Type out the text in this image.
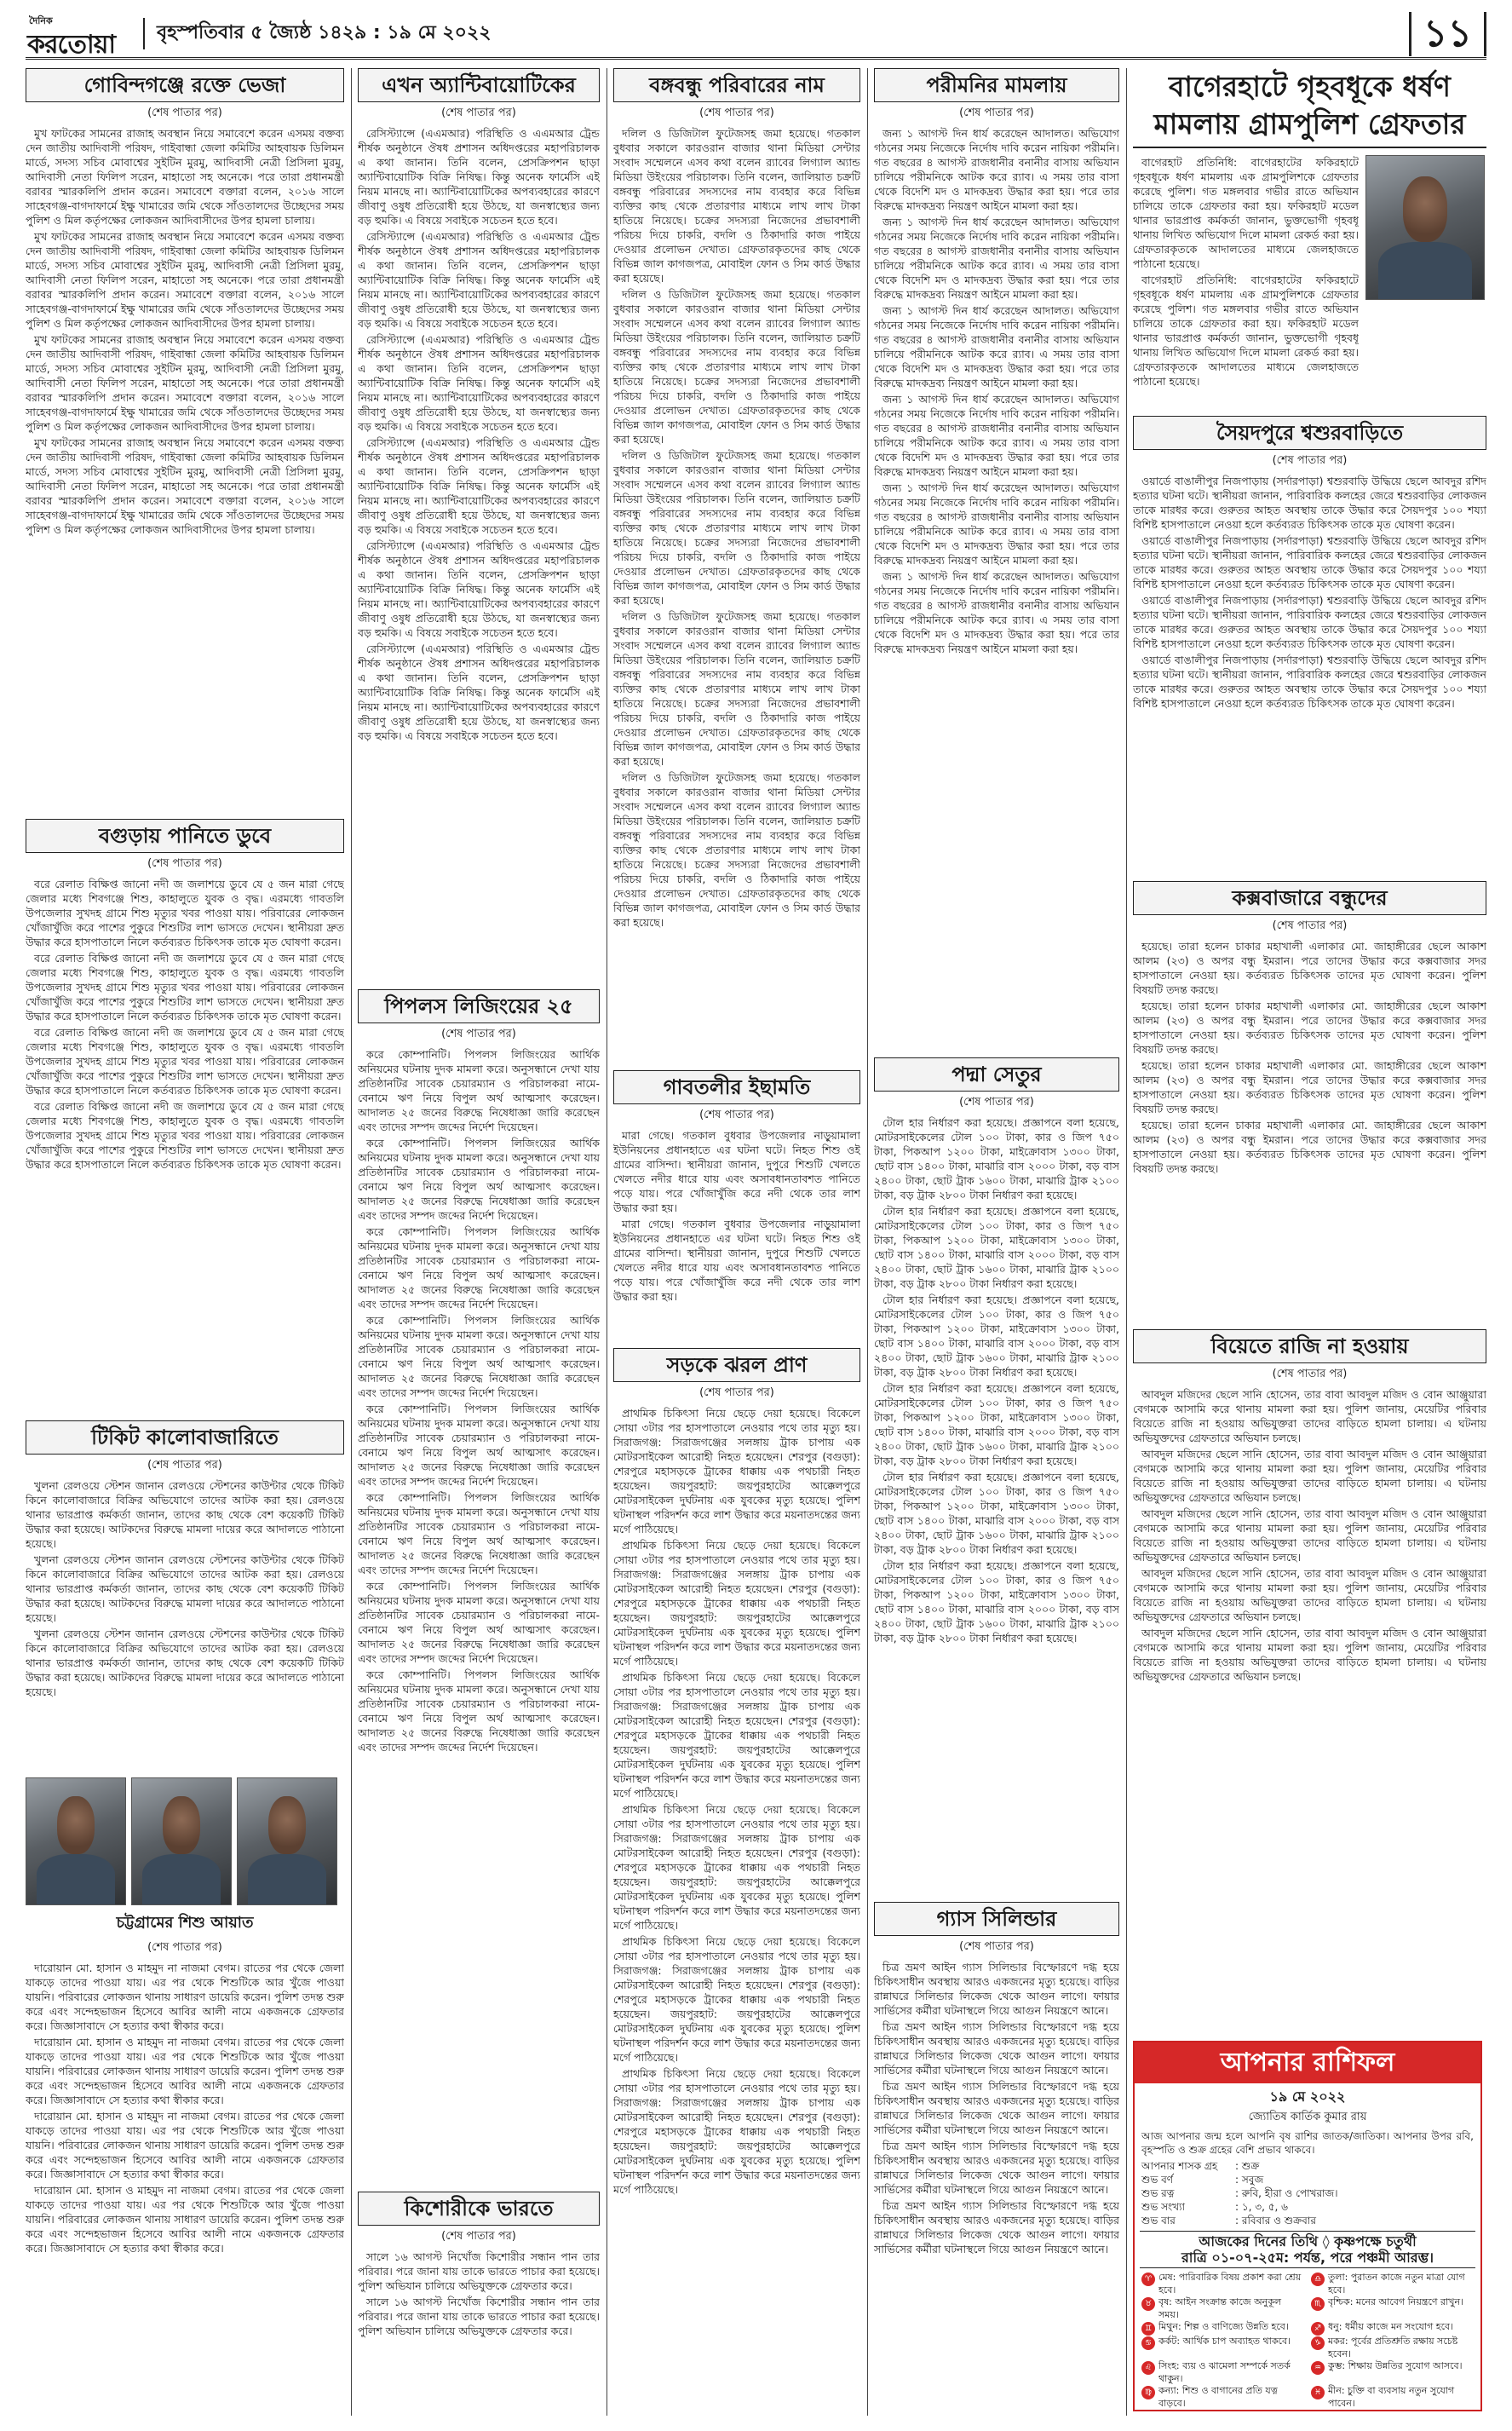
দৈনিক
করতোয়া	বৃহস্পতিবার ৫ জ্যৈষ্ঠ ১৪২৯ : ১৯ মে ২০২২	১১
গোবিন্দগঞ্জে রক্তে ভেজা
(শেষ পাতার পর)

মুখ ফাটকের সামনের রাজাহ অবস্থান নিয়ে সমাবেশে করেন এসময় বক্তব্য দেন জাতীয় আদিবাসী পরিষদ, গাইবান্ধা জেলা কমিটির আহবায়ক ডিলিমন মার্ডে, সদস্য সচিব মোবাশ্বের সুইটিন মুরমু, আদিবাসী নেত্রী প্রিসিলা মুরমু, আদিবাসী নেতা ফিলিপ সরেন, মাহাতো সহ অনেকে। পরে তারা প্রধানমন্ত্রী বরাবর স্মারকলিপি প্রদান করেন। সমাবেশে বক্তারা বলেন, ২০১৬ সালে সাহেবগঞ্জ-বাগদাফার্মে ইক্ষু খামারের জমি থেকে সাঁওতালদের উচ্ছেদের সময় পুলিশ ও মিল কর্তৃপক্ষের লোকজন আদিবাসীদের উপর হামলা চালায়।

মুখ ফাটকের সামনের রাজাহ অবস্থান নিয়ে সমাবেশে করেন এসময় বক্তব্য দেন জাতীয় আদিবাসী পরিষদ, গাইবান্ধা জেলা কমিটির আহবায়ক ডিলিমন মার্ডে, সদস্য সচিব মোবাশ্বের সুইটিন মুরমু, আদিবাসী নেত্রী প্রিসিলা মুরমু, আদিবাসী নেতা ফিলিপ সরেন, মাহাতো সহ অনেকে। পরে তারা প্রধানমন্ত্রী বরাবর স্মারকলিপি প্রদান করেন। সমাবেশে বক্তারা বলেন, ২০১৬ সালে সাহেবগঞ্জ-বাগদাফার্মে ইক্ষু খামারের জমি থেকে সাঁওতালদের উচ্ছেদের সময় পুলিশ ও মিল কর্তৃপক্ষের লোকজন আদিবাসীদের উপর হামলা চালায়।

মুখ ফাটকের সামনের রাজাহ অবস্থান নিয়ে সমাবেশে করেন এসময় বক্তব্য দেন জাতীয় আদিবাসী পরিষদ, গাইবান্ধা জেলা কমিটির আহবায়ক ডিলিমন মার্ডে, সদস্য সচিব মোবাশ্বের সুইটিন মুরমু, আদিবাসী নেত্রী প্রিসিলা মুরমু, আদিবাসী নেতা ফিলিপ সরেন, মাহাতো সহ অনেকে। পরে তারা প্রধানমন্ত্রী বরাবর স্মারকলিপি প্রদান করেন। সমাবেশে বক্তারা বলেন, ২০১৬ সালে সাহেবগঞ্জ-বাগদাফার্মে ইক্ষু খামারের জমি থেকে সাঁওতালদের উচ্ছেদের সময় পুলিশ ও মিল কর্তৃপক্ষের লোকজন আদিবাসীদের উপর হামলা চালায়।

মুখ ফাটকের সামনের রাজাহ অবস্থান নিয়ে সমাবেশে করেন এসময় বক্তব্য দেন জাতীয় আদিবাসী পরিষদ, গাইবান্ধা জেলা কমিটির আহবায়ক ডিলিমন মার্ডে, সদস্য সচিব মোবাশ্বের সুইটিন মুরমু, আদিবাসী নেত্রী প্রিসিলা মুরমু, আদিবাসী নেতা ফিলিপ সরেন, মাহাতো সহ অনেকে। পরে তারা প্রধানমন্ত্রী বরাবর স্মারকলিপি প্রদান করেন। সমাবেশে বক্তারা বলেন, ২০১৬ সালে সাহেবগঞ্জ-বাগদাফার্মে ইক্ষু খামারের জমি থেকে সাঁওতালদের উচ্ছেদের সময় পুলিশ ও মিল কর্তৃপক্ষের লোকজন আদিবাসীদের উপর হামলা চালায়।

বগুড়ায় পানিতে ডুবে
(শেষ পাতার পর)

বরে রেলাত বিক্ষিপ্ত জানো নদী জ জলাশয়ে ডুবে যে ৫ জন মারা গেছে জেলার মধ্যে শিবগঞ্জে শিশু, কাহালুতে যুবক ও বৃদ্ধ। এরমধ্যে গাবতলি উপজেলার সুখদহ গ্রামে শিশু মৃত্যুর খবর পাওয়া যায়। পরিবারের লোকজন খোঁজাখুঁজি করে পাশের পুকুরে শিশুটির লাশ ভাসতে দেখেন। স্থানীয়রা দ্রুত উদ্ধার করে হাসপাতালে নিলে কর্তব্যরত চিকিৎসক তাকে মৃত ঘোষণা করেন।

বরে রেলাত বিক্ষিপ্ত জানো নদী জ জলাশয়ে ডুবে যে ৫ জন মারা গেছে জেলার মধ্যে শিবগঞ্জে শিশু, কাহালুতে যুবক ও বৃদ্ধ। এরমধ্যে গাবতলি উপজেলার সুখদহ গ্রামে শিশু মৃত্যুর খবর পাওয়া যায়। পরিবারের লোকজন খোঁজাখুঁজি করে পাশের পুকুরে শিশুটির লাশ ভাসতে দেখেন। স্থানীয়রা দ্রুত উদ্ধার করে হাসপাতালে নিলে কর্তব্যরত চিকিৎসক তাকে মৃত ঘোষণা করেন।

বরে রেলাত বিক্ষিপ্ত জানো নদী জ জলাশয়ে ডুবে যে ৫ জন মারা গেছে জেলার মধ্যে শিবগঞ্জে শিশু, কাহালুতে যুবক ও বৃদ্ধ। এরমধ্যে গাবতলি উপজেলার সুখদহ গ্রামে শিশু মৃত্যুর খবর পাওয়া যায়। পরিবারের লোকজন খোঁজাখুঁজি করে পাশের পুকুরে শিশুটির লাশ ভাসতে দেখেন। স্থানীয়রা দ্রুত উদ্ধার করে হাসপাতালে নিলে কর্তব্যরত চিকিৎসক তাকে মৃত ঘোষণা করেন।

বরে রেলাত বিক্ষিপ্ত জানো নদী জ জলাশয়ে ডুবে যে ৫ জন মারা গেছে জেলার মধ্যে শিবগঞ্জে শিশু, কাহালুতে যুবক ও বৃদ্ধ। এরমধ্যে গাবতলি উপজেলার সুখদহ গ্রামে শিশু মৃত্যুর খবর পাওয়া যায়। পরিবারের লোকজন খোঁজাখুঁজি করে পাশের পুকুরে শিশুটির লাশ ভাসতে দেখেন। স্থানীয়রা দ্রুত উদ্ধার করে হাসপাতালে নিলে কর্তব্যরত চিকিৎসক তাকে মৃত ঘোষণা করেন।

টিকিট কালোবাজারিতে
(শেষ পাতার পর)

খুলনা রেলওয়ে স্টেশন জানান রেলওয়ে স্টেশনের কাউন্টার থেকে টিকিট কিনে কালোবাজারে বিক্রির অভিযোগে তাদের আটক করা হয়। রেলওয়ে থানার ভারপ্রাপ্ত কর্মকর্তা জানান, তাদের কাছ থেকে বেশ কয়েকটি টিকিট উদ্ধার করা হয়েছে। আটকদের বিরুদ্ধে মামলা দায়ের করে আদালতে পাঠানো হয়েছে।

খুলনা রেলওয়ে স্টেশন জানান রেলওয়ে স্টেশনের কাউন্টার থেকে টিকিট কিনে কালোবাজারে বিক্রির অভিযোগে তাদের আটক করা হয়। রেলওয়ে থানার ভারপ্রাপ্ত কর্মকর্তা জানান, তাদের কাছ থেকে বেশ কয়েকটি টিকিট উদ্ধার করা হয়েছে। আটকদের বিরুদ্ধে মামলা দায়ের করে আদালতে পাঠানো হয়েছে।

খুলনা রেলওয়ে স্টেশন জানান রেলওয়ে স্টেশনের কাউন্টার থেকে টিকিট কিনে কালোবাজারে বিক্রির অভিযোগে তাদের আটক করা হয়। রেলওয়ে থানার ভারপ্রাপ্ত কর্মকর্তা জানান, তাদের কাছ থেকে বেশ কয়েকটি টিকিট উদ্ধার করা হয়েছে। আটকদের বিরুদ্ধে মামলা দায়ের করে আদালতে পাঠানো হয়েছে।

চট্টগ্রামের শিশু আয়াত
(শেষ পাতার পর)

দারোয়ান মো. হাসান ও মাহমুদ না নাজমা বেগম। রাতের পর থেকে জেলা যাকড়ে তাদের পাওয়া যায়। এর পর থেকে শিশুটিকে আর খুঁজে পাওয়া যায়নি। পরিবারের লোকজন থানায় সাধারণ ডায়েরি করেন। পুলিশ তদন্ত শুরু করে এবং সন্দেহভাজন হিসেবে আবির আলী নামে একজনকে গ্রেফতার করে। জিজ্ঞাসাবাদে সে হত্যার কথা স্বীকার করে।

দারোয়ান মো. হাসান ও মাহমুদ না নাজমা বেগম। রাতের পর থেকে জেলা যাকড়ে তাদের পাওয়া যায়। এর পর থেকে শিশুটিকে আর খুঁজে পাওয়া যায়নি। পরিবারের লোকজন থানায় সাধারণ ডায়েরি করেন। পুলিশ তদন্ত শুরু করে এবং সন্দেহভাজন হিসেবে আবির আলী নামে একজনকে গ্রেফতার করে। জিজ্ঞাসাবাদে সে হত্যার কথা স্বীকার করে।

দারোয়ান মো. হাসান ও মাহমুদ না নাজমা বেগম। রাতের পর থেকে জেলা যাকড়ে তাদের পাওয়া যায়। এর পর থেকে শিশুটিকে আর খুঁজে পাওয়া যায়নি। পরিবারের লোকজন থানায় সাধারণ ডায়েরি করেন। পুলিশ তদন্ত শুরু করে এবং সন্দেহভাজন হিসেবে আবির আলী নামে একজনকে গ্রেফতার করে। জিজ্ঞাসাবাদে সে হত্যার কথা স্বীকার করে।

দারোয়ান মো. হাসান ও মাহমুদ না নাজমা বেগম। রাতের পর থেকে জেলা যাকড়ে তাদের পাওয়া যায়। এর পর থেকে শিশুটিকে আর খুঁজে পাওয়া যায়নি। পরিবারের লোকজন থানায় সাধারণ ডায়েরি করেন। পুলিশ তদন্ত শুরু করে এবং সন্দেহভাজন হিসেবে আবির আলী নামে একজনকে গ্রেফতার করে। জিজ্ঞাসাবাদে সে হত্যার কথা স্বীকার করে।

এখন অ্যান্টিবায়োটিকের
(শেষ পাতার পর)

রেসিস্ট্যান্সে (এএমআর) পরিস্থিতি ও এএমআর ট্রেন্ড শীর্ষক অনুষ্ঠানে ঔষধ প্রশাসন অধিদপ্তরের মহাপরিচালক এ কথা জানান। তিনি বলেন, প্রেসক্রিপশন ছাড়া অ্যান্টিবায়োটিক বিক্রি নিষিদ্ধ। কিন্তু অনেক ফার্মেসি এই নিয়ম মানছে না। অ্যান্টিবায়োটিকের অপব্যবহারের কারণে জীবাণু ওষুধ প্রতিরোধী হয়ে উঠছে, যা জনস্বাস্থ্যের জন্য বড় হুমকি। এ বিষয়ে সবাইকে সচেতন হতে হবে।

রেসিস্ট্যান্সে (এএমআর) পরিস্থিতি ও এএমআর ট্রেন্ড শীর্ষক অনুষ্ঠানে ঔষধ প্রশাসন অধিদপ্তরের মহাপরিচালক এ কথা জানান। তিনি বলেন, প্রেসক্রিপশন ছাড়া অ্যান্টিবায়োটিক বিক্রি নিষিদ্ধ। কিন্তু অনেক ফার্মেসি এই নিয়ম মানছে না। অ্যান্টিবায়োটিকের অপব্যবহারের কারণে জীবাণু ওষুধ প্রতিরোধী হয়ে উঠছে, যা জনস্বাস্থ্যের জন্য বড় হুমকি। এ বিষয়ে সবাইকে সচেতন হতে হবে।

রেসিস্ট্যান্সে (এএমআর) পরিস্থিতি ও এএমআর ট্রেন্ড শীর্ষক অনুষ্ঠানে ঔষধ প্রশাসন অধিদপ্তরের মহাপরিচালক এ কথা জানান। তিনি বলেন, প্রেসক্রিপশন ছাড়া অ্যান্টিবায়োটিক বিক্রি নিষিদ্ধ। কিন্তু অনেক ফার্মেসি এই নিয়ম মানছে না। অ্যান্টিবায়োটিকের অপব্যবহারের কারণে জীবাণু ওষুধ প্রতিরোধী হয়ে উঠছে, যা জনস্বাস্থ্যের জন্য বড় হুমকি। এ বিষয়ে সবাইকে সচেতন হতে হবে।

রেসিস্ট্যান্সে (এএমআর) পরিস্থিতি ও এএমআর ট্রেন্ড শীর্ষক অনুষ্ঠানে ঔষধ প্রশাসন অধিদপ্তরের মহাপরিচালক এ কথা জানান। তিনি বলেন, প্রেসক্রিপশন ছাড়া অ্যান্টিবায়োটিক বিক্রি নিষিদ্ধ। কিন্তু অনেক ফার্মেসি এই নিয়ম মানছে না। অ্যান্টিবায়োটিকের অপব্যবহারের কারণে জীবাণু ওষুধ প্রতিরোধী হয়ে উঠছে, যা জনস্বাস্থ্যের জন্য বড় হুমকি। এ বিষয়ে সবাইকে সচেতন হতে হবে।

রেসিস্ট্যান্সে (এএমআর) পরিস্থিতি ও এএমআর ট্রেন্ড শীর্ষক অনুষ্ঠানে ঔষধ প্রশাসন অধিদপ্তরের মহাপরিচালক এ কথা জানান। তিনি বলেন, প্রেসক্রিপশন ছাড়া অ্যান্টিবায়োটিক বিক্রি নিষিদ্ধ। কিন্তু অনেক ফার্মেসি এই নিয়ম মানছে না। অ্যান্টিবায়োটিকের অপব্যবহারের কারণে জীবাণু ওষুধ প্রতিরোধী হয়ে উঠছে, যা জনস্বাস্থ্যের জন্য বড় হুমকি। এ বিষয়ে সবাইকে সচেতন হতে হবে।

রেসিস্ট্যান্সে (এএমআর) পরিস্থিতি ও এএমআর ট্রেন্ড শীর্ষক অনুষ্ঠানে ঔষধ প্রশাসন অধিদপ্তরের মহাপরিচালক এ কথা জানান। তিনি বলেন, প্রেসক্রিপশন ছাড়া অ্যান্টিবায়োটিক বিক্রি নিষিদ্ধ। কিন্তু অনেক ফার্মেসি এই নিয়ম মানছে না। অ্যান্টিবায়োটিকের অপব্যবহারের কারণে জীবাণু ওষুধ প্রতিরোধী হয়ে উঠছে, যা জনস্বাস্থ্যের জন্য বড় হুমকি। এ বিষয়ে সবাইকে সচেতন হতে হবে।

পিপলস লিজিংয়ের ২৫
(শেষ পাতার পর)

করে কোম্পানিটি। পিপলস লিজিংয়ের আর্থিক অনিয়মের ঘটনায় দুদক মামলা করে। অনুসন্ধানে দেখা যায় প্রতিষ্ঠানটির সাবেক চেয়ারম্যান ও পরিচালকরা নামে-বেনামে ঋণ নিয়ে বিপুল অর্থ আত্মসাৎ করেছেন। আদালত ২৫ জনের বিরুদ্ধে নিষেধাজ্ঞা জারি করেছেন এবং তাদের সম্পদ জব্দের নির্দেশ দিয়েছেন।

করে কোম্পানিটি। পিপলস লিজিংয়ের আর্থিক অনিয়মের ঘটনায় দুদক মামলা করে। অনুসন্ধানে দেখা যায় প্রতিষ্ঠানটির সাবেক চেয়ারম্যান ও পরিচালকরা নামে-বেনামে ঋণ নিয়ে বিপুল অর্থ আত্মসাৎ করেছেন। আদালত ২৫ জনের বিরুদ্ধে নিষেধাজ্ঞা জারি করেছেন এবং তাদের সম্পদ জব্দের নির্দেশ দিয়েছেন।

করে কোম্পানিটি। পিপলস লিজিংয়ের আর্থিক অনিয়মের ঘটনায় দুদক মামলা করে। অনুসন্ধানে দেখা যায় প্রতিষ্ঠানটির সাবেক চেয়ারম্যান ও পরিচালকরা নামে-বেনামে ঋণ নিয়ে বিপুল অর্থ আত্মসাৎ করেছেন। আদালত ২৫ জনের বিরুদ্ধে নিষেধাজ্ঞা জারি করেছেন এবং তাদের সম্পদ জব্দের নির্দেশ দিয়েছেন।

করে কোম্পানিটি। পিপলস লিজিংয়ের আর্থিক অনিয়মের ঘটনায় দুদক মামলা করে। অনুসন্ধানে দেখা যায় প্রতিষ্ঠানটির সাবেক চেয়ারম্যান ও পরিচালকরা নামে-বেনামে ঋণ নিয়ে বিপুল অর্থ আত্মসাৎ করেছেন। আদালত ২৫ জনের বিরুদ্ধে নিষেধাজ্ঞা জারি করেছেন এবং তাদের সম্পদ জব্দের নির্দেশ দিয়েছেন।

করে কোম্পানিটি। পিপলস লিজিংয়ের আর্থিক অনিয়মের ঘটনায় দুদক মামলা করে। অনুসন্ধানে দেখা যায় প্রতিষ্ঠানটির সাবেক চেয়ারম্যান ও পরিচালকরা নামে-বেনামে ঋণ নিয়ে বিপুল অর্থ আত্মসাৎ করেছেন। আদালত ২৫ জনের বিরুদ্ধে নিষেধাজ্ঞা জারি করেছেন এবং তাদের সম্পদ জব্দের নির্দেশ দিয়েছেন।

করে কোম্পানিটি। পিপলস লিজিংয়ের আর্থিক অনিয়মের ঘটনায় দুদক মামলা করে। অনুসন্ধানে দেখা যায় প্রতিষ্ঠানটির সাবেক চেয়ারম্যান ও পরিচালকরা নামে-বেনামে ঋণ নিয়ে বিপুল অর্থ আত্মসাৎ করেছেন। আদালত ২৫ জনের বিরুদ্ধে নিষেধাজ্ঞা জারি করেছেন এবং তাদের সম্পদ জব্দের নির্দেশ দিয়েছেন।

করে কোম্পানিটি। পিপলস লিজিংয়ের আর্থিক অনিয়মের ঘটনায় দুদক মামলা করে। অনুসন্ধানে দেখা যায় প্রতিষ্ঠানটির সাবেক চেয়ারম্যান ও পরিচালকরা নামে-বেনামে ঋণ নিয়ে বিপুল অর্থ আত্মসাৎ করেছেন। আদালত ২৫ জনের বিরুদ্ধে নিষেধাজ্ঞা জারি করেছেন এবং তাদের সম্পদ জব্দের নির্দেশ দিয়েছেন।

করে কোম্পানিটি। পিপলস লিজিংয়ের আর্থিক অনিয়মের ঘটনায় দুদক মামলা করে। অনুসন্ধানে দেখা যায় প্রতিষ্ঠানটির সাবেক চেয়ারম্যান ও পরিচালকরা নামে-বেনামে ঋণ নিয়ে বিপুল অর্থ আত্মসাৎ করেছেন। আদালত ২৫ জনের বিরুদ্ধে নিষেধাজ্ঞা জারি করেছেন এবং তাদের সম্পদ জব্দের নির্দেশ দিয়েছেন।

কিশোরীকে ভারতে
(শেষ পাতার পর)

সালে ১৬ আগস্ট নিখোঁজ কিশোরীর সন্ধান পান তার পরিবার। পরে জানা যায় তাকে ভারতে পাচার করা হয়েছে। পুলিশ অভিযান চালিয়ে অভিযুক্তকে গ্রেফতার করে।

সালে ১৬ আগস্ট নিখোঁজ কিশোরীর সন্ধান পান তার পরিবার। পরে জানা যায় তাকে ভারতে পাচার করা হয়েছে। পুলিশ অভিযান চালিয়ে অভিযুক্তকে গ্রেফতার করে।

বঙ্গবন্ধু পরিবারের নাম
(শেষ পাতার পর)

দলিল ও ডিজিটাল ফুটেজসহ জমা হয়েছে। গতকাল বুধবার সকালে কারওরান বাজার থানা মিডিয়া সেন্টার সংবাদ সম্মেলনে এসব কথা বলেন র‍্যাবের লিগ্যাল অ্যান্ড মিডিয়া উইংয়ের পরিচালক। তিনি বলেন, জালিয়াত চক্রটি বঙ্গবন্ধু পরিবারের সদস্যদের নাম ব্যবহার করে বিভিন্ন ব্যক্তির কাছ থেকে প্রতারণার মাধ্যমে লাখ লাখ টাকা হাতিয়ে নিয়েছে। চক্রের সদস্যরা নিজেদের প্রভাবশালী পরিচয় দিয়ে চাকরি, বদলি ও ঠিকাদারি কাজ পাইয়ে দেওয়ার প্রলোভন দেখাত। গ্রেফতারকৃতদের কাছ থেকে বিভিন্ন জাল কাগজপত্র, মোবাইল ফোন ও সিম কার্ড উদ্ধার করা হয়েছে।

দলিল ও ডিজিটাল ফুটেজসহ জমা হয়েছে। গতকাল বুধবার সকালে কারওরান বাজার থানা মিডিয়া সেন্টার সংবাদ সম্মেলনে এসব কথা বলেন র‍্যাবের লিগ্যাল অ্যান্ড মিডিয়া উইংয়ের পরিচালক। তিনি বলেন, জালিয়াত চক্রটি বঙ্গবন্ধু পরিবারের সদস্যদের নাম ব্যবহার করে বিভিন্ন ব্যক্তির কাছ থেকে প্রতারণার মাধ্যমে লাখ লাখ টাকা হাতিয়ে নিয়েছে। চক্রের সদস্যরা নিজেদের প্রভাবশালী পরিচয় দিয়ে চাকরি, বদলি ও ঠিকাদারি কাজ পাইয়ে দেওয়ার প্রলোভন দেখাত। গ্রেফতারকৃতদের কাছ থেকে বিভিন্ন জাল কাগজপত্র, মোবাইল ফোন ও সিম কার্ড উদ্ধার করা হয়েছে।

দলিল ও ডিজিটাল ফুটেজসহ জমা হয়েছে। গতকাল বুধবার সকালে কারওরান বাজার থানা মিডিয়া সেন্টার সংবাদ সম্মেলনে এসব কথা বলেন র‍্যাবের লিগ্যাল অ্যান্ড মিডিয়া উইংয়ের পরিচালক। তিনি বলেন, জালিয়াত চক্রটি বঙ্গবন্ধু পরিবারের সদস্যদের নাম ব্যবহার করে বিভিন্ন ব্যক্তির কাছ থেকে প্রতারণার মাধ্যমে লাখ লাখ টাকা হাতিয়ে নিয়েছে। চক্রের সদস্যরা নিজেদের প্রভাবশালী পরিচয় দিয়ে চাকরি, বদলি ও ঠিকাদারি কাজ পাইয়ে দেওয়ার প্রলোভন দেখাত। গ্রেফতারকৃতদের কাছ থেকে বিভিন্ন জাল কাগজপত্র, মোবাইল ফোন ও সিম কার্ড উদ্ধার করা হয়েছে।

দলিল ও ডিজিটাল ফুটেজসহ জমা হয়েছে। গতকাল বুধবার সকালে কারওরান বাজার থানা মিডিয়া সেন্টার সংবাদ সম্মেলনে এসব কথা বলেন র‍্যাবের লিগ্যাল অ্যান্ড মিডিয়া উইংয়ের পরিচালক। তিনি বলেন, জালিয়াত চক্রটি বঙ্গবন্ধু পরিবারের সদস্যদের নাম ব্যবহার করে বিভিন্ন ব্যক্তির কাছ থেকে প্রতারণার মাধ্যমে লাখ লাখ টাকা হাতিয়ে নিয়েছে। চক্রের সদস্যরা নিজেদের প্রভাবশালী পরিচয় দিয়ে চাকরি, বদলি ও ঠিকাদারি কাজ পাইয়ে দেওয়ার প্রলোভন দেখাত। গ্রেফতারকৃতদের কাছ থেকে বিভিন্ন জাল কাগজপত্র, মোবাইল ফোন ও সিম কার্ড উদ্ধার করা হয়েছে।

দলিল ও ডিজিটাল ফুটেজসহ জমা হয়েছে। গতকাল বুধবার সকালে কারওরান বাজার থানা মিডিয়া সেন্টার সংবাদ সম্মেলনে এসব কথা বলেন র‍্যাবের লিগ্যাল অ্যান্ড মিডিয়া উইংয়ের পরিচালক। তিনি বলেন, জালিয়াত চক্রটি বঙ্গবন্ধু পরিবারের সদস্যদের নাম ব্যবহার করে বিভিন্ন ব্যক্তির কাছ থেকে প্রতারণার মাধ্যমে লাখ লাখ টাকা হাতিয়ে নিয়েছে। চক্রের সদস্যরা নিজেদের প্রভাবশালী পরিচয় দিয়ে চাকরি, বদলি ও ঠিকাদারি কাজ পাইয়ে দেওয়ার প্রলোভন দেখাত। গ্রেফতারকৃতদের কাছ থেকে বিভিন্ন জাল কাগজপত্র, মোবাইল ফোন ও সিম কার্ড উদ্ধার করা হয়েছে।

গাবতলীর ইছামতি
(শেষ পাতার পর)

মারা গেছে। গতকাল বুধবার উপজেলার নাড়ুয়ামালা ইউনিয়নের প্রধানহাতে এর ঘটনা ঘটে। নিহত শিশু ওই গ্রামের বাসিন্দা। স্থানীয়রা জানান, দুপুরে শিশুটি খেলতে খেলতে নদীর ধারে যায় এবং অসাবধানতাবশত পানিতে পড়ে যায়। পরে খোঁজাখুঁজি করে নদী থেকে তার লাশ উদ্ধার করা হয়।

মারা গেছে। গতকাল বুধবার উপজেলার নাড়ুয়ামালা ইউনিয়নের প্রধানহাতে এর ঘটনা ঘটে। নিহত শিশু ওই গ্রামের বাসিন্দা। স্থানীয়রা জানান, দুপুরে শিশুটি খেলতে খেলতে নদীর ধারে যায় এবং অসাবধানতাবশত পানিতে পড়ে যায়। পরে খোঁজাখুঁজি করে নদী থেকে তার লাশ উদ্ধার করা হয়।

সড়কে ঝরল প্রাণ
(শেষ পাতার পর)

প্রাথমিক চিকিৎসা নিয়ে ছেড়ে দেয়া হয়েছে। বিকেলে সোয়া ৩টার পর হাসপাতালে নেওয়ার পথে তার মৃত্যু হয়। সিরাজগঞ্জ: সিরাজগঞ্জের সলঙ্গায় ট্রাক চাপায় এক মোটরসাইকেল আরোহী নিহত হয়েছেন। শেরপুর (বগুড়া): শেরপুরে মহাসড়কে ট্রাকের ধাক্কায় এক পথচারী নিহত হয়েছেন। জয়পুরহাট: জয়পুরহাটের আক্কেলপুরে মোটরসাইকেল দুর্ঘটনায় এক যুবকের মৃত্যু হয়েছে। পুলিশ ঘটনাস্থল পরিদর্শন করে লাশ উদ্ধার করে ময়নাতদন্তের জন্য মর্গে পাঠিয়েছে।

প্রাথমিক চিকিৎসা নিয়ে ছেড়ে দেয়া হয়েছে। বিকেলে সোয়া ৩টার পর হাসপাতালে নেওয়ার পথে তার মৃত্যু হয়। সিরাজগঞ্জ: সিরাজগঞ্জের সলঙ্গায় ট্রাক চাপায় এক মোটরসাইকেল আরোহী নিহত হয়েছেন। শেরপুর (বগুড়া): শেরপুরে মহাসড়কে ট্রাকের ধাক্কায় এক পথচারী নিহত হয়েছেন। জয়পুরহাট: জয়পুরহাটের আক্কেলপুরে মোটরসাইকেল দুর্ঘটনায় এক যুবকের মৃত্যু হয়েছে। পুলিশ ঘটনাস্থল পরিদর্শন করে লাশ উদ্ধার করে ময়নাতদন্তের জন্য মর্গে পাঠিয়েছে।

প্রাথমিক চিকিৎসা নিয়ে ছেড়ে দেয়া হয়েছে। বিকেলে সোয়া ৩টার পর হাসপাতালে নেওয়ার পথে তার মৃত্যু হয়। সিরাজগঞ্জ: সিরাজগঞ্জের সলঙ্গায় ট্রাক চাপায় এক মোটরসাইকেল আরোহী নিহত হয়েছেন। শেরপুর (বগুড়া): শেরপুরে মহাসড়কে ট্রাকের ধাক্কায় এক পথচারী নিহত হয়েছেন। জয়পুরহাট: জয়পুরহাটের আক্কেলপুরে মোটরসাইকেল দুর্ঘটনায় এক যুবকের মৃত্যু হয়েছে। পুলিশ ঘটনাস্থল পরিদর্শন করে লাশ উদ্ধার করে ময়নাতদন্তের জন্য মর্গে পাঠিয়েছে।

প্রাথমিক চিকিৎসা নিয়ে ছেড়ে দেয়া হয়েছে। বিকেলে সোয়া ৩টার পর হাসপাতালে নেওয়ার পথে তার মৃত্যু হয়। সিরাজগঞ্জ: সিরাজগঞ্জের সলঙ্গায় ট্রাক চাপায় এক মোটরসাইকেল আরোহী নিহত হয়েছেন। শেরপুর (বগুড়া): শেরপুরে মহাসড়কে ট্রাকের ধাক্কায় এক পথচারী নিহত হয়েছেন। জয়পুরহাট: জয়পুরহাটের আক্কেলপুরে মোটরসাইকেল দুর্ঘটনায় এক যুবকের মৃত্যু হয়েছে। পুলিশ ঘটনাস্থল পরিদর্শন করে লাশ উদ্ধার করে ময়নাতদন্তের জন্য মর্গে পাঠিয়েছে।

প্রাথমিক চিকিৎসা নিয়ে ছেড়ে দেয়া হয়েছে। বিকেলে সোয়া ৩টার পর হাসপাতালে নেওয়ার পথে তার মৃত্যু হয়। সিরাজগঞ্জ: সিরাজগঞ্জের সলঙ্গায় ট্রাক চাপায় এক মোটরসাইকেল আরোহী নিহত হয়েছেন। শেরপুর (বগুড়া): শেরপুরে মহাসড়কে ট্রাকের ধাক্কায় এক পথচারী নিহত হয়েছেন। জয়পুরহাট: জয়পুরহাটের আক্কেলপুরে মোটরসাইকেল দুর্ঘটনায় এক যুবকের মৃত্যু হয়েছে। পুলিশ ঘটনাস্থল পরিদর্শন করে লাশ উদ্ধার করে ময়নাতদন্তের জন্য মর্গে পাঠিয়েছে।

প্রাথমিক চিকিৎসা নিয়ে ছেড়ে দেয়া হয়েছে। বিকেলে সোয়া ৩টার পর হাসপাতালে নেওয়ার পথে তার মৃত্যু হয়। সিরাজগঞ্জ: সিরাজগঞ্জের সলঙ্গায় ট্রাক চাপায় এক মোটরসাইকেল আরোহী নিহত হয়েছেন। শেরপুর (বগুড়া): শেরপুরে মহাসড়কে ট্রাকের ধাক্কায় এক পথচারী নিহত হয়েছেন। জয়পুরহাট: জয়পুরহাটের আক্কেলপুরে মোটরসাইকেল দুর্ঘটনায় এক যুবকের মৃত্যু হয়েছে। পুলিশ ঘটনাস্থল পরিদর্শন করে লাশ উদ্ধার করে ময়নাতদন্তের জন্য মর্গে পাঠিয়েছে।

পরীমনির মামলায়
(শেষ পাতার পর)

জন্য ১ আগস্ট দিন ধার্য করেছেন আদালত। অভিযোগ গঠনের সময় নিজেকে নির্দোষ দাবি করেন নায়িকা পরীমনি। গত বছরের ৪ আগস্ট রাজধানীর বনানীর বাসায় অভিযান চালিয়ে পরীমনিকে আটক করে র‍্যাব। এ সময় তার বাসা থেকে বিদেশি মদ ও মাদকদ্রব্য উদ্ধার করা হয়। পরে তার বিরুদ্ধে মাদকদ্রব্য নিয়ন্ত্রণ আইনে মামলা করা হয়।

জন্য ১ আগস্ট দিন ধার্য করেছেন আদালত। অভিযোগ গঠনের সময় নিজেকে নির্দোষ দাবি করেন নায়িকা পরীমনি। গত বছরের ৪ আগস্ট রাজধানীর বনানীর বাসায় অভিযান চালিয়ে পরীমনিকে আটক করে র‍্যাব। এ সময় তার বাসা থেকে বিদেশি মদ ও মাদকদ্রব্য উদ্ধার করা হয়। পরে তার বিরুদ্ধে মাদকদ্রব্য নিয়ন্ত্রণ আইনে মামলা করা হয়।

জন্য ১ আগস্ট দিন ধার্য করেছেন আদালত। অভিযোগ গঠনের সময় নিজেকে নির্দোষ দাবি করেন নায়িকা পরীমনি। গত বছরের ৪ আগস্ট রাজধানীর বনানীর বাসায় অভিযান চালিয়ে পরীমনিকে আটক করে র‍্যাব। এ সময় তার বাসা থেকে বিদেশি মদ ও মাদকদ্রব্য উদ্ধার করা হয়। পরে তার বিরুদ্ধে মাদকদ্রব্য নিয়ন্ত্রণ আইনে মামলা করা হয়।

জন্য ১ আগস্ট দিন ধার্য করেছেন আদালত। অভিযোগ গঠনের সময় নিজেকে নির্দোষ দাবি করেন নায়িকা পরীমনি। গত বছরের ৪ আগস্ট রাজধানীর বনানীর বাসায় অভিযান চালিয়ে পরীমনিকে আটক করে র‍্যাব। এ সময় তার বাসা থেকে বিদেশি মদ ও মাদকদ্রব্য উদ্ধার করা হয়। পরে তার বিরুদ্ধে মাদকদ্রব্য নিয়ন্ত্রণ আইনে মামলা করা হয়।

জন্য ১ আগস্ট দিন ধার্য করেছেন আদালত। অভিযোগ গঠনের সময় নিজেকে নির্দোষ দাবি করেন নায়িকা পরীমনি। গত বছরের ৪ আগস্ট রাজধানীর বনানীর বাসায় অভিযান চালিয়ে পরীমনিকে আটক করে র‍্যাব। এ সময় তার বাসা থেকে বিদেশি মদ ও মাদকদ্রব্য উদ্ধার করা হয়। পরে তার বিরুদ্ধে মাদকদ্রব্য নিয়ন্ত্রণ আইনে মামলা করা হয়।

জন্য ১ আগস্ট দিন ধার্য করেছেন আদালত। অভিযোগ গঠনের সময় নিজেকে নির্দোষ দাবি করেন নায়িকা পরীমনি। গত বছরের ৪ আগস্ট রাজধানীর বনানীর বাসায় অভিযান চালিয়ে পরীমনিকে আটক করে র‍্যাব। এ সময় তার বাসা থেকে বিদেশি মদ ও মাদকদ্রব্য উদ্ধার করা হয়। পরে তার বিরুদ্ধে মাদকদ্রব্য নিয়ন্ত্রণ আইনে মামলা করা হয়।

পদ্মা সেতুর
(শেষ পাতার পর)

টোল হার নির্ধারণ করা হয়েছে। প্রজ্ঞাপনে বলা হয়েছে, মোটরসাইকেলের টোল ১০০ টাকা, কার ও জিপ ৭৫০ টাকা, পিকআপ ১২০০ টাকা, মাইক্রোবাস ১৩০০ টাকা, ছোট বাস ১৪০০ টাকা, মাঝারি বাস ২০০০ টাকা, বড় বাস ২৪০০ টাকা, ছোট ট্রাক ১৬০০ টাকা, মাঝারি ট্রাক ২১০০ টাকা, বড় ট্রাক ২৮০০ টাকা নির্ধারণ করা হয়েছে।

টোল হার নির্ধারণ করা হয়েছে। প্রজ্ঞাপনে বলা হয়েছে, মোটরসাইকেলের টোল ১০০ টাকা, কার ও জিপ ৭৫০ টাকা, পিকআপ ১২০০ টাকা, মাইক্রোবাস ১৩০০ টাকা, ছোট বাস ১৪০০ টাকা, মাঝারি বাস ২০০০ টাকা, বড় বাস ২৪০০ টাকা, ছোট ট্রাক ১৬০০ টাকা, মাঝারি ট্রাক ২১০০ টাকা, বড় ট্রাক ২৮০০ টাকা নির্ধারণ করা হয়েছে।

টোল হার নির্ধারণ করা হয়েছে। প্রজ্ঞাপনে বলা হয়েছে, মোটরসাইকেলের টোল ১০০ টাকা, কার ও জিপ ৭৫০ টাকা, পিকআপ ১২০০ টাকা, মাইক্রোবাস ১৩০০ টাকা, ছোট বাস ১৪০০ টাকা, মাঝারি বাস ২০০০ টাকা, বড় বাস ২৪০০ টাকা, ছোট ট্রাক ১৬০০ টাকা, মাঝারি ট্রাক ২১০০ টাকা, বড় ট্রাক ২৮০০ টাকা নির্ধারণ করা হয়েছে।

টোল হার নির্ধারণ করা হয়েছে। প্রজ্ঞাপনে বলা হয়েছে, মোটরসাইকেলের টোল ১০০ টাকা, কার ও জিপ ৭৫০ টাকা, পিকআপ ১২০০ টাকা, মাইক্রোবাস ১৩০০ টাকা, ছোট বাস ১৪০০ টাকা, মাঝারি বাস ২০০০ টাকা, বড় বাস ২৪০০ টাকা, ছোট ট্রাক ১৬০০ টাকা, মাঝারি ট্রাক ২১০০ টাকা, বড় ট্রাক ২৮০০ টাকা নির্ধারণ করা হয়েছে।

টোল হার নির্ধারণ করা হয়েছে। প্রজ্ঞাপনে বলা হয়েছে, মোটরসাইকেলের টোল ১০০ টাকা, কার ও জিপ ৭৫০ টাকা, পিকআপ ১২০০ টাকা, মাইক্রোবাস ১৩০০ টাকা, ছোট বাস ১৪০০ টাকা, মাঝারি বাস ২০০০ টাকা, বড় বাস ২৪০০ টাকা, ছোট ট্রাক ১৬০০ টাকা, মাঝারি ট্রাক ২১০০ টাকা, বড় ট্রাক ২৮০০ টাকা নির্ধারণ করা হয়েছে।

টোল হার নির্ধারণ করা হয়েছে। প্রজ্ঞাপনে বলা হয়েছে, মোটরসাইকেলের টোল ১০০ টাকা, কার ও জিপ ৭৫০ টাকা, পিকআপ ১২০০ টাকা, মাইক্রোবাস ১৩০০ টাকা, ছোট বাস ১৪০০ টাকা, মাঝারি বাস ২০০০ টাকা, বড় বাস ২৪০০ টাকা, ছোট ট্রাক ১৬০০ টাকা, মাঝারি ট্রাক ২১০০ টাকা, বড় ট্রাক ২৮০০ টাকা নির্ধারণ করা হয়েছে।

গ্যাস সিলিন্ডার
(শেষ পাতার পর)

চিত্র ভ্রমণ আইন গ্যাস সিলিন্ডার বিস্ফোরণে দগ্ধ হয়ে চিকিৎসাধীন অবস্থায় আরও একজনের মৃত্যু হয়েছে। বাড়ির রান্নাঘরে সিলিন্ডার লিকেজ থেকে আগুন লাগে। ফায়ার সার্ভিসের কর্মীরা ঘটনাস্থলে গিয়ে আগুন নিয়ন্ত্রণে আনে।

চিত্র ভ্রমণ আইন গ্যাস সিলিন্ডার বিস্ফোরণে দগ্ধ হয়ে চিকিৎসাধীন অবস্থায় আরও একজনের মৃত্যু হয়েছে। বাড়ির রান্নাঘরে সিলিন্ডার লিকেজ থেকে আগুন লাগে। ফায়ার সার্ভিসের কর্মীরা ঘটনাস্থলে গিয়ে আগুন নিয়ন্ত্রণে আনে।

চিত্র ভ্রমণ আইন গ্যাস সিলিন্ডার বিস্ফোরণে দগ্ধ হয়ে চিকিৎসাধীন অবস্থায় আরও একজনের মৃত্যু হয়েছে। বাড়ির রান্নাঘরে সিলিন্ডার লিকেজ থেকে আগুন লাগে। ফায়ার সার্ভিসের কর্মীরা ঘটনাস্থলে গিয়ে আগুন নিয়ন্ত্রণে আনে।

চিত্র ভ্রমণ আইন গ্যাস সিলিন্ডার বিস্ফোরণে দগ্ধ হয়ে চিকিৎসাধীন অবস্থায় আরও একজনের মৃত্যু হয়েছে। বাড়ির রান্নাঘরে সিলিন্ডার লিকেজ থেকে আগুন লাগে। ফায়ার সার্ভিসের কর্মীরা ঘটনাস্থলে গিয়ে আগুন নিয়ন্ত্রণে আনে।

চিত্র ভ্রমণ আইন গ্যাস সিলিন্ডার বিস্ফোরণে দগ্ধ হয়ে চিকিৎসাধীন অবস্থায় আরও একজনের মৃত্যু হয়েছে। বাড়ির রান্নাঘরে সিলিন্ডার লিকেজ থেকে আগুন লাগে। ফায়ার সার্ভিসের কর্মীরা ঘটনাস্থলে গিয়ে আগুন নিয়ন্ত্রণে আনে।

বাগেরহাটে গৃহবধূকে ধর্ষণ
মামলায় গ্রামপুলিশ গ্রেফতার

বাগেরহাট প্রতিনিধি: বাগেরহাটের ফকিরহাটে গৃহবধূকে ধর্ষণ মামলায় এক গ্রামপুলিশকে গ্রেফতার করেছে পুলিশ। গত মঙ্গলবার গভীর রাতে অভিযান চালিয়ে তাকে গ্রেফতার করা হয়। ফকিরহাট মডেল থানার ভারপ্রাপ্ত কর্মকর্তা জানান, ভুক্তভোগী গৃহবধূ থানায় লিখিত অভিযোগ দিলে মামলা রেকর্ড করা হয়। গ্রেফতারকৃতকে আদালতের মাধ্যমে জেলহাজতে পাঠানো হয়েছে।

বাগেরহাট প্রতিনিধি: বাগেরহাটের ফকিরহাটে গৃহবধূকে ধর্ষণ মামলায় এক গ্রামপুলিশকে গ্রেফতার করেছে পুলিশ। গত মঙ্গলবার গভীর রাতে অভিযান চালিয়ে তাকে গ্রেফতার করা হয়। ফকিরহাট মডেল থানার ভারপ্রাপ্ত কর্মকর্তা জানান, ভুক্তভোগী গৃহবধূ থানায় লিখিত অভিযোগ দিলে মামলা রেকর্ড করা হয়। গ্রেফতারকৃতকে আদালতের মাধ্যমে জেলহাজতে পাঠানো হয়েছে।

সৈয়দপুরে শ্বশুরবাড়িতে
(শেষ পাতার পর)

ওয়ার্ডে বাঙালীপুর নিজপাড়ায় (সর্দারপাড়া) শ্বশুরবাড়ি উদ্ধিয়ে ছেলে আবদুর রশিদ হত্যার ঘটনা ঘটে। স্থানীয়রা জানান, পারিবারিক কলহের জেরে শ্বশুরবাড়ির লোকজন তাকে মারধর করে। গুরুতর আহত অবস্থায় তাকে উদ্ধার করে সৈয়দপুর ১০০ শয্যা বিশিষ্ট হাসপাতালে নেওয়া হলে কর্তব্যরত চিকিৎসক তাকে মৃত ঘোষণা করেন।

ওয়ার্ডে বাঙালীপুর নিজপাড়ায় (সর্দারপাড়া) শ্বশুরবাড়ি উদ্ধিয়ে ছেলে আবদুর রশিদ হত্যার ঘটনা ঘটে। স্থানীয়রা জানান, পারিবারিক কলহের জেরে শ্বশুরবাড়ির লোকজন তাকে মারধর করে। গুরুতর আহত অবস্থায় তাকে উদ্ধার করে সৈয়দপুর ১০০ শয্যা বিশিষ্ট হাসপাতালে নেওয়া হলে কর্তব্যরত চিকিৎসক তাকে মৃত ঘোষণা করেন।

ওয়ার্ডে বাঙালীপুর নিজপাড়ায় (সর্দারপাড়া) শ্বশুরবাড়ি উদ্ধিয়ে ছেলে আবদুর রশিদ হত্যার ঘটনা ঘটে। স্থানীয়রা জানান, পারিবারিক কলহের জেরে শ্বশুরবাড়ির লোকজন তাকে মারধর করে। গুরুতর আহত অবস্থায় তাকে উদ্ধার করে সৈয়দপুর ১০০ শয্যা বিশিষ্ট হাসপাতালে নেওয়া হলে কর্তব্যরত চিকিৎসক তাকে মৃত ঘোষণা করেন।

ওয়ার্ডে বাঙালীপুর নিজপাড়ায় (সর্দারপাড়া) শ্বশুরবাড়ি উদ্ধিয়ে ছেলে আবদুর রশিদ হত্যার ঘটনা ঘটে। স্থানীয়রা জানান, পারিবারিক কলহের জেরে শ্বশুরবাড়ির লোকজন তাকে মারধর করে। গুরুতর আহত অবস্থায় তাকে উদ্ধার করে সৈয়দপুর ১০০ শয্যা বিশিষ্ট হাসপাতালে নেওয়া হলে কর্তব্যরত চিকিৎসক তাকে মৃত ঘোষণা করেন।

কক্সবাজারে বন্ধুদের
(শেষ পাতার পর)

হয়েছে। তারা হলেন চাকার মহাখালী এলাকার মো. জাহাঙ্গীরের ছেলে আকাশ আলম (২৩) ও অপর বন্ধু ইমরান। পরে তাদের উদ্ধার করে কক্সবাজার সদর হাসপাতালে নেওয়া হয়। কর্তব্যরত চিকিৎসক তাদের মৃত ঘোষণা করেন। পুলিশ বিষয়টি তদন্ত করছে।

হয়েছে। তারা হলেন চাকার মহাখালী এলাকার মো. জাহাঙ্গীরের ছেলে আকাশ আলম (২৩) ও অপর বন্ধু ইমরান। পরে তাদের উদ্ধার করে কক্সবাজার সদর হাসপাতালে নেওয়া হয়। কর্তব্যরত চিকিৎসক তাদের মৃত ঘোষণা করেন। পুলিশ বিষয়টি তদন্ত করছে।

হয়েছে। তারা হলেন চাকার মহাখালী এলাকার মো. জাহাঙ্গীরের ছেলে আকাশ আলম (২৩) ও অপর বন্ধু ইমরান। পরে তাদের উদ্ধার করে কক্সবাজার সদর হাসপাতালে নেওয়া হয়। কর্তব্যরত চিকিৎসক তাদের মৃত ঘোষণা করেন। পুলিশ বিষয়টি তদন্ত করছে।

হয়েছে। তারা হলেন চাকার মহাখালী এলাকার মো. জাহাঙ্গীরের ছেলে আকাশ আলম (২৩) ও অপর বন্ধু ইমরান। পরে তাদের উদ্ধার করে কক্সবাজার সদর হাসপাতালে নেওয়া হয়। কর্তব্যরত চিকিৎসক তাদের মৃত ঘোষণা করেন। পুলিশ বিষয়টি তদন্ত করছে।

বিয়েতে রাজি না হওয়ায়
(শেষ পাতার পর)

আবদুল মজিদের ছেলে সানি হোসেন, তার বাবা আবদুল মজিদ ও বোন আঞ্জুয়ারা বেগমকে আসামি করে থানায় মামলা করা হয়। পুলিশ জানায়, মেয়েটির পরিবার বিয়েতে রাজি না হওয়ায় অভিযুক্তরা তাদের বাড়িতে হামলা চালায়। এ ঘটনায় অভিযুক্তদের গ্রেফতারে অভিযান চলছে।

আবদুল মজিদের ছেলে সানি হোসেন, তার বাবা আবদুল মজিদ ও বোন আঞ্জুয়ারা বেগমকে আসামি করে থানায় মামলা করা হয়। পুলিশ জানায়, মেয়েটির পরিবার বিয়েতে রাজি না হওয়ায় অভিযুক্তরা তাদের বাড়িতে হামলা চালায়। এ ঘটনায় অভিযুক্তদের গ্রেফতারে অভিযান চলছে।

আবদুল মজিদের ছেলে সানি হোসেন, তার বাবা আবদুল মজিদ ও বোন আঞ্জুয়ারা বেগমকে আসামি করে থানায় মামলা করা হয়। পুলিশ জানায়, মেয়েটির পরিবার বিয়েতে রাজি না হওয়ায় অভিযুক্তরা তাদের বাড়িতে হামলা চালায়। এ ঘটনায় অভিযুক্তদের গ্রেফতারে অভিযান চলছে।

আবদুল মজিদের ছেলে সানি হোসেন, তার বাবা আবদুল মজিদ ও বোন আঞ্জুয়ারা বেগমকে আসামি করে থানায় মামলা করা হয়। পুলিশ জানায়, মেয়েটির পরিবার বিয়েতে রাজি না হওয়ায় অভিযুক্তরা তাদের বাড়িতে হামলা চালায়। এ ঘটনায় অভিযুক্তদের গ্রেফতারে অভিযান চলছে।

আবদুল মজিদের ছেলে সানি হোসেন, তার বাবা আবদুল মজিদ ও বোন আঞ্জুয়ারা বেগমকে আসামি করে থানায় মামলা করা হয়। পুলিশ জানায়, মেয়েটির পরিবার বিয়েতে রাজি না হওয়ায় অভিযুক্তরা তাদের বাড়িতে হামলা চালায়। এ ঘটনায় অভিযুক্তদের গ্রেফতারে অভিযান চলছে।

আপনার রাশিফল
১৯ মে ২০২২
জ্যোতিষ কার্তিক কুমার রায়
আজ আপনার জন্ম হলে আপনি বৃষ রাশির জাতক/জাতিকা। আপনার উপর রবি, বৃহস্পতি ও শুক্র গ্রহের বেশি প্রভাব থাকবে।
আপনার শাসক গ্রহ	: শুক্র
শুভ বর্ণ	: সবুজ
শুভ রত্ন	: রুবি, হীরা ও পোখরাজ।
শুভ সংখ্যা	: ১, ৩, ৫, ৬
শুভ বার	: রবিবার ও শুক্রবার
আজকের দিনের তিথি ◊ কৃষ্ণপক্ষে চতুর্থী
রাত্রি ০১-০৭-২৫ম: পর্যন্ত, পরে পঞ্চমী আরম্ভ।
♈ মেষ: পারিবারিক বিষয় প্রকাশ করা শ্রেয় হবে।
♎ তুলা: পুরাতন কাজে নতুন মাত্রা যোগ হবে।
♉ বৃষ: আইন সংক্রান্ত কাজে অনুকূল সময়।
♏ বৃশ্চিক: মনের আবেগ নিয়ন্ত্রণে রাখুন।
♊ মিথুন: শিল্প ও বাণিজ্যে উন্নতি হবে।	♐ ধনু: ধর্মীয় কাজে মন সংযোগ হবে।
♋ কর্কট: আর্থিক চাপ অব্যাহত থাকবে।	♑ মকর: পূর্বের প্রতিশ্রুতি রক্ষায় সচেষ্ট হবেন।
♌ সিংহ: ব্যয় ও ঝামেলা সম্পর্কে সতর্ক থাকুন।
♒ কুম্ভ: শিক্ষায় উন্নতির সুযোগ আসবে।
♍ কন্যা: শিশু ও বাগানের প্রতি যত্ন বাড়বে।
♓ মীন: চুক্তি বা ব্যবসায় নতুন সুযোগ পাবেন।
